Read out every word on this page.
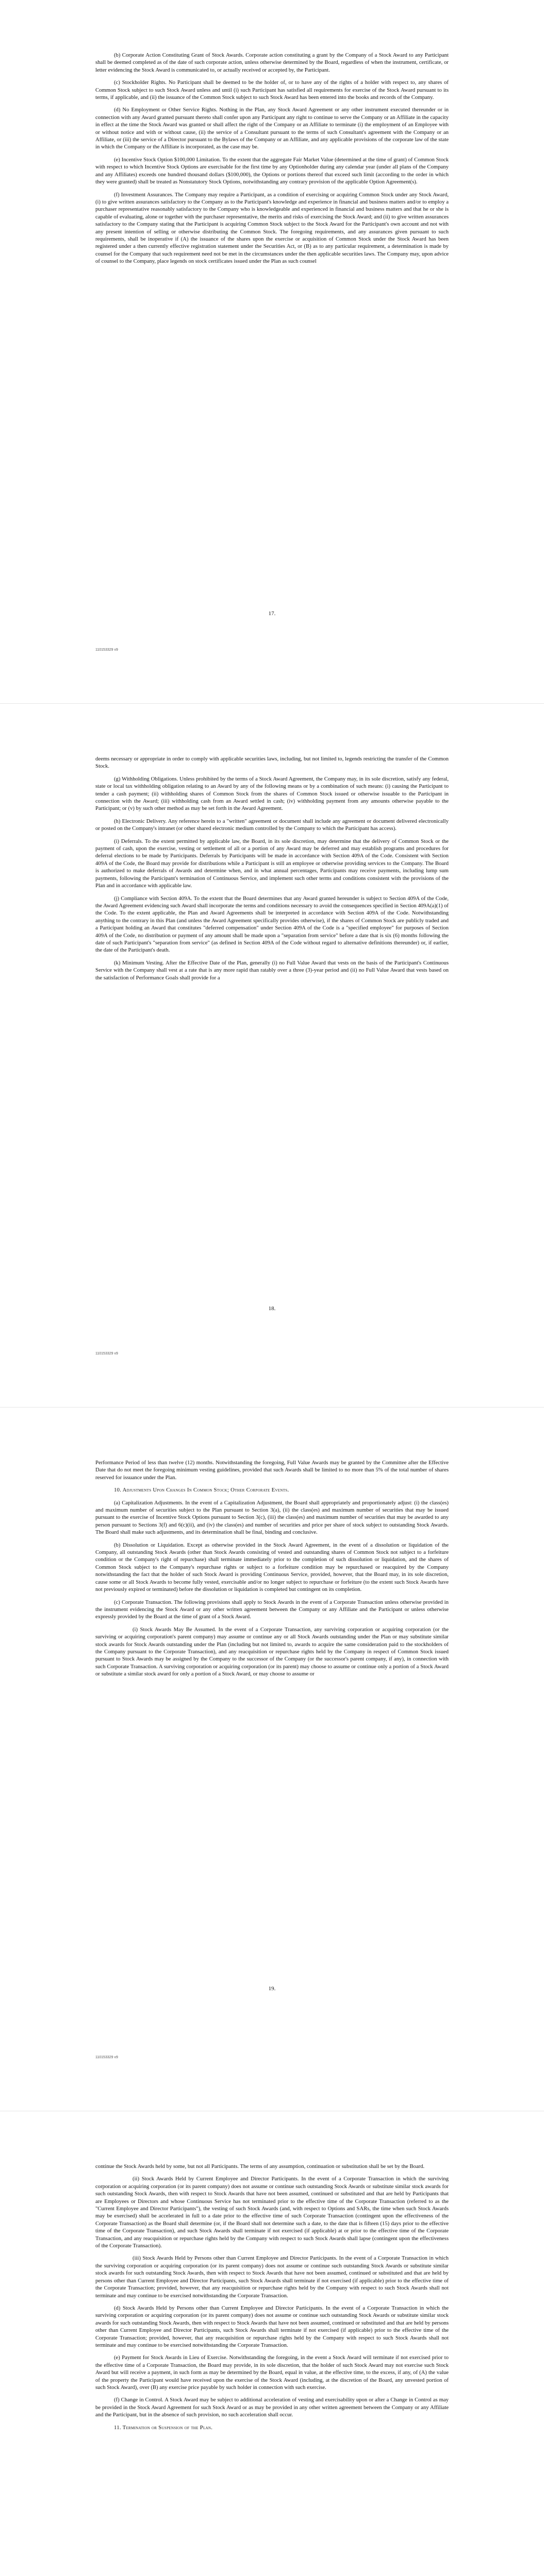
(b) Corporate Action Constituting Grant of Stock Awards. Corporate action constituting a grant by the Company of a Stock Award to any Participant shall be deemed completed as of the date of such corporate action, unless otherwise determined by the Board, regardless of when the instrument, certificate, or letter evidencing the Stock Award is communicated to, or actually received or accepted by, the Participant.

(c) Stockholder Rights. No Participant shall be deemed to be the holder of, or to have any of the rights of a holder with respect to, any shares of Common Stock subject to such Stock Award unless and until (i) such Participant has satisfied all requirements for exercise of the Stock Award pursuant to its terms, if applicable, and (ii) the issuance of the Common Stock subject to such Stock Award has been entered into the books and records of the Company.

(d) No Employment or Other Service Rights. Nothing in the Plan, any Stock Award Agreement or any other instrument executed thereunder or in connection with any Award granted pursuant thereto shall confer upon any Participant any right to continue to serve the Company or an Affiliate in the capacity in effect at the time the Stock Award was granted or shall affect the right of the Company or an Affiliate to terminate (i) the employment of an Employee with or without notice and with or without cause, (ii) the service of a Consultant pursuant to the terms of such Consultant's agreement with the Company or an Affiliate, or (iii) the service of a Director pursuant to the Bylaws of the Company or an Affiliate, and any applicable provisions of the corporate law of the state in which the Company or the Affiliate is incorporated, as the case may be.

(e) Incentive Stock Option $100,000 Limitation. To the extent that the aggregate Fair Market Value (determined at the time of grant) of Common Stock with respect to which Incentive Stock Options are exercisable for the first time by any Optionholder during any calendar year (under all plans of the Company and any Affiliates) exceeds one hundred thousand dollars ($100,000), the Options or portions thereof that exceed such limit (according to the order in which they were granted) shall be treated as Nonstatutory Stock Options, notwithstanding any contrary provision of the applicable Option Agreement(s).

(f) Investment Assurances. The Company may require a Participant, as a condition of exercising or acquiring Common Stock under any Stock Award, (i) to give written assurances satisfactory to the Company as to the Participant's knowledge and experience in financial and business matters and/or to employ a purchaser representative reasonably satisfactory to the Company who is knowledgeable and experienced in financial and business matters and that he or she is capable of evaluating, alone or together with the purchaser representative, the merits and risks of exercising the Stock Award; and (ii) to give written assurances satisfactory to the Company stating that the Participant is acquiring Common Stock subject to the Stock Award for the Participant's own account and not with any present intention of selling or otherwise distributing the Common Stock. The foregoing requirements, and any assurances given pursuant to such requirements, shall be inoperative if (A) the issuance of the shares upon the exercise or acquisition of Common Stock under the Stock Award has been registered under a then currently effective registration statement under the Securities Act, or (B) as to any particular requirement, a determination is made by counsel for the Company that such requirement need not be met in the circumstances under the then applicable securities laws. The Company may, upon advice of counsel to the Company, place legends on stock certificates issued under the Plan as such counsel

17.
110153329 v9

deems necessary or appropriate in order to comply with applicable securities laws, including, but not limited to, legends restricting the transfer of the Common Stock.

(g) Withholding Obligations. Unless prohibited by the terms of a Stock Award Agreement, the Company may, in its sole discretion, satisfy any federal, state or local tax withholding obligation relating to an Award by any of the following means or by a combination of such means: (i) causing the Participant to tender a cash payment; (ii) withholding shares of Common Stock from the shares of Common Stock issued or otherwise issuable to the Participant in connection with the Award; (iii) withholding cash from an Award settled in cash; (iv) withholding payment from any amounts otherwise payable to the Participant; or (v) by such other method as may be set forth in the Award Agreement.

(h) Electronic Delivery. Any reference herein to a "written" agreement or document shall include any agreement or document delivered electronically or posted on the Company's intranet (or other shared electronic medium controlled by the Company to which the Participant has access).

(i) Deferrals. To the extent permitted by applicable law, the Board, in its sole discretion, may determine that the delivery of Common Stock or the payment of cash, upon the exercise, vesting or settlement of all or a portion of any Award may be deferred and may establish programs and procedures for deferral elections to be made by Participants. Deferrals by Participants will be made in accordance with Section 409A of the Code. Consistent with Section 409A of the Code, the Board may provide for distributions while a Participant is still an employee or otherwise providing services to the Company. The Board is authorized to make deferrals of Awards and determine when, and in what annual percentages, Participants may receive payments, including lump sum payments, following the Participant's termination of Continuous Service, and implement such other terms and conditions consistent with the provisions of the Plan and in accordance with applicable law.

(j) Compliance with Section 409A. To the extent that the Board determines that any Award granted hereunder is subject to Section 409A of the Code, the Award Agreement evidencing such Award shall incorporate the terms and conditions necessary to avoid the consequences specified in Section 409A(a)(1) of the Code. To the extent applicable, the Plan and Award Agreements shall be interpreted in accordance with Section 409A of the Code. Notwithstanding anything to the contrary in this Plan (and unless the Award Agreement specifically provides otherwise), if the shares of Common Stock are publicly traded and a Participant holding an Award that constitutes "deferred compensation" under Section 409A of the Code is a "specified employee" for purposes of Section 409A of the Code, no distribution or payment of any amount shall be made upon a "separation from service" before a date that is six (6) months following the date of such Participant's "separation from service" (as defined in Section 409A of the Code without regard to alternative definitions thereunder) or, if earlier, the date of the Participant's death.

(k) Minimum Vesting. After the Effective Date of the Plan, generally (i) no Full Value Award that vests on the basis of the Participant's Continuous Service with the Company shall vest at a rate that is any more rapid than ratably over a three (3)-year period and (ii) no Full Value Award that vests based on the satisfaction of Performance Goals shall provide for a

18.
110153329 v9

Performance Period of less than twelve (12) months. Notwithstanding the foregoing, Full Value Awards may be granted by the Committee after the Effective Date that do not meet the foregoing minimum vesting guidelines, provided that such Awards shall be limited to no more than 5% of the total number of shares reserved for issuance under the Plan.

10. Adjustments Upon Changes In Common Stock; Other Corporate Events.

(a) Capitalization Adjustments. In the event of a Capitalization Adjustment, the Board shall appropriately and proportionately adjust: (i) the class(es) and maximum number of securities subject to the Plan pursuant to Section 3(a), (ii) the class(es) and maximum number of securities that may be issued pursuant to the exercise of Incentive Stock Options pursuant to Section 3(c), (iii) the class(es) and maximum number of securities that may be awarded to any person pursuant to Sections 3(f) and 6(c)(ii), and (iv) the class(es) and number of securities and price per share of stock subject to outstanding Stock Awards. The Board shall make such adjustments, and its determination shall be final, binding and conclusive.

(b) Dissolution or Liquidation. Except as otherwise provided in the Stock Award Agreement, in the event of a dissolution or liquidation of the Company, all outstanding Stock Awards (other than Stock Awards consisting of vested and outstanding shares of Common Stock not subject to a forfeiture condition or the Company's right of repurchase) shall terminate immediately prior to the completion of such dissolution or liquidation, and the shares of Common Stock subject to the Company's repurchase rights or subject to a forfeiture condition may be repurchased or reacquired by the Company notwithstanding the fact that the holder of such Stock Award is providing Continuous Service, provided, however, that the Board may, in its sole discretion, cause some or all Stock Awards to become fully vested, exercisable and/or no longer subject to repurchase or forfeiture (to the extent such Stock Awards have not previously expired or terminated) before the dissolution or liquidation is completed but contingent on its completion.

(c) Corporate Transaction. The following provisions shall apply to Stock Awards in the event of a Corporate Transaction unless otherwise provided in the instrument evidencing the Stock Award or any other written agreement between the Company or any Affiliate and the Participant or unless otherwise expressly provided by the Board at the time of grant of a Stock Award.

(i) Stock Awards May Be Assumed. In the event of a Corporate Transaction, any surviving corporation or acquiring corporation (or the surviving or acquiring corporation's parent company) may assume or continue any or all Stock Awards outstanding under the Plan or may substitute similar stock awards for Stock Awards outstanding under the Plan (including but not limited to, awards to acquire the same consideration paid to the stockholders of the Company pursuant to the Corporate Transaction), and any reacquisition or repurchase rights held by the Company in respect of Common Stock issued pursuant to Stock Awards may be assigned by the Company to the successor of the Company (or the successor's parent company, if any), in connection with such Corporate Transaction. A surviving corporation or acquiring corporation (or its parent) may choose to assume or continue only a portion of a Stock Award or substitute a similar stock award for only a portion of a Stock Award, or may choose to assume or

19.
110153329 v9

continue the Stock Awards held by some, but not all Participants. The terms of any assumption, continuation or substitution shall be set by the Board.

(ii) Stock Awards Held by Current Employee and Director Participants. In the event of a Corporate Transaction in which the surviving corporation or acquiring corporation (or its parent company) does not assume or continue such outstanding Stock Awards or substitute similar stock awards for such outstanding Stock Awards, then with respect to Stock Awards that have not been assumed, continued or substituted and that are held by Participants that are Employees or Directors and whose Continuous Service has not terminated prior to the effective time of the Corporate Transaction (referred to as the "Current Employee and Director Participants"), the vesting of such Stock Awards (and, with respect to Options and SARs, the time when such Stock Awards may be exercised) shall be accelerated in full to a date prior to the effective time of such Corporate Transaction (contingent upon the effectiveness of the Corporate Transaction) as the Board shall determine (or, if the Board shall not determine such a date, to the date that is fifteen (15) days prior to the effective time of the Corporate Transaction), and such Stock Awards shall terminate if not exercised (if applicable) at or prior to the effective time of the Corporate Transaction, and any reacquisition or repurchase rights held by the Company with respect to such Stock Awards shall lapse (contingent upon the effectiveness of the Corporate Transaction).

(iii) Stock Awards Held by Persons other than Current Employee and Director Participants. In the event of a Corporate Transaction in which the surviving corporation or acquiring corporation (or its parent company) does not assume or continue such outstanding Stock Awards or substitute similar stock awards for such outstanding Stock Awards, then with respect to Stock Awards that have not been assumed, continued or substituted and that are held by persons other than Current Employee and Director Participants, such Stock Awards shall terminate if not exercised (if applicable) prior to the effective time of the Corporate Transaction; provided, however, that any reacquisition or repurchase rights held by the Company with respect to such Stock Awards shall not terminate and may continue to be exercised notwithstanding the Corporate Transaction.

(d) Stock Awards Held by Persons other than Current Employee and Director Participants. In the event of a Corporate Transaction in which the surviving corporation or acquiring corporation (or its parent company) does not assume or continue such outstanding Stock Awards or substitute similar stock awards for such outstanding Stock Awards, then with respect to Stock Awards that have not been assumed, continued or substituted and that are held by persons other than Current Employee and Director Participants, such Stock Awards shall terminate if not exercised (if applicable) prior to the effective time of the Corporate Transaction; provided, however, that any reacquisition or repurchase rights held by the Company with respect to such Stock Awards shall not terminate and may continue to be exercised notwithstanding the Corporate Transaction.

(e) Payment for Stock Awards in Lieu of Exercise. Notwithstanding the foregoing, in the event a Stock Award will terminate if not exercised prior to the effective time of a Corporate Transaction, the Board may provide, in its sole discretion, that the holder of such Stock Award may not exercise such Stock Award but will receive a payment, in such form as may be determined by the Board, equal in value, at the effective time, to the excess, if any, of (A) the value of the property the Participant would have received upon the exercise of the Stock Award (including, at the discretion of the Board, any unvested portion of such Stock Award), over (B) any exercise price payable by such holder in connection with such exercise.

(f) Change in Control. A Stock Award may be subject to additional acceleration of vesting and exercisability upon or after a Change in Control as may be provided in the Stock Award Agreement for such Stock Award or as may be provided in any other written agreement between the Company or any Affiliate and the Participant, but in the absence of such provision, no such acceleration shall occur.

11. Termination or Suspension of the Plan.
